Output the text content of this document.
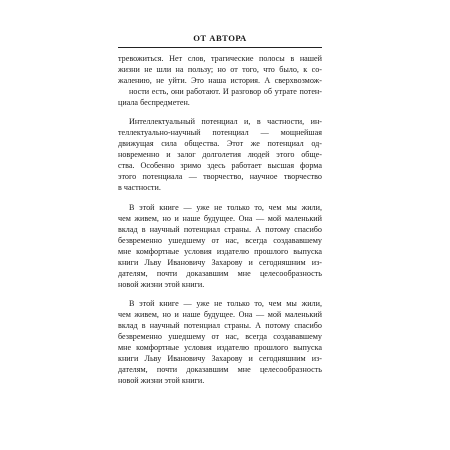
ОТ АВТОРА
тревожиться. Нет слов, трагические полосы в нашей
жизни не шли на пользу; но от того, что было, к со-
жалению, не уйти. Это наша история. А сверхвозмож-
ности есть, они работают. И разговор об утрате потен-
циала беспредметен.
Интеллектуальный потенциал и, в частности, ин-
теллектуально-научный потенциал — мощнейшая
движущая сила общества. Этот же потенциал од-
новременно и залог долголетия людей этого обще-
ства. Особенно зримо здесь работает высшая форма
этого потенциала — творчество, научное творчество
в частности.
В этой книге — уже не только то, чем мы жили,
чем живем, но и наше будущее. Она — мой маленький
вклад в научный потенциал страны. А потому спасибо
безвременно ушедшему от нас, всегда создававшему
мне комфортные условия издателю прошлого выпуска
книги Льву Ивановичу Захарову и сегодняшним из-
дателям, почти доказавшим мне целесообразность
новой жизни этой книги.
В этой книге — уже не только то, чем мы жили,
чем живем, но и наше будущее. Она — мой маленький
вклад в научный потенциал страны. А потому спасибо
безвременно ушедшему от нас, всегда создававшему
мне комфортные условия издателю прошлого выпуска
книги Льву Ивановичу Захарову и сегодняшним из-
дателям, почти доказавшим мне целесообразность
новой жизни этой книги.
